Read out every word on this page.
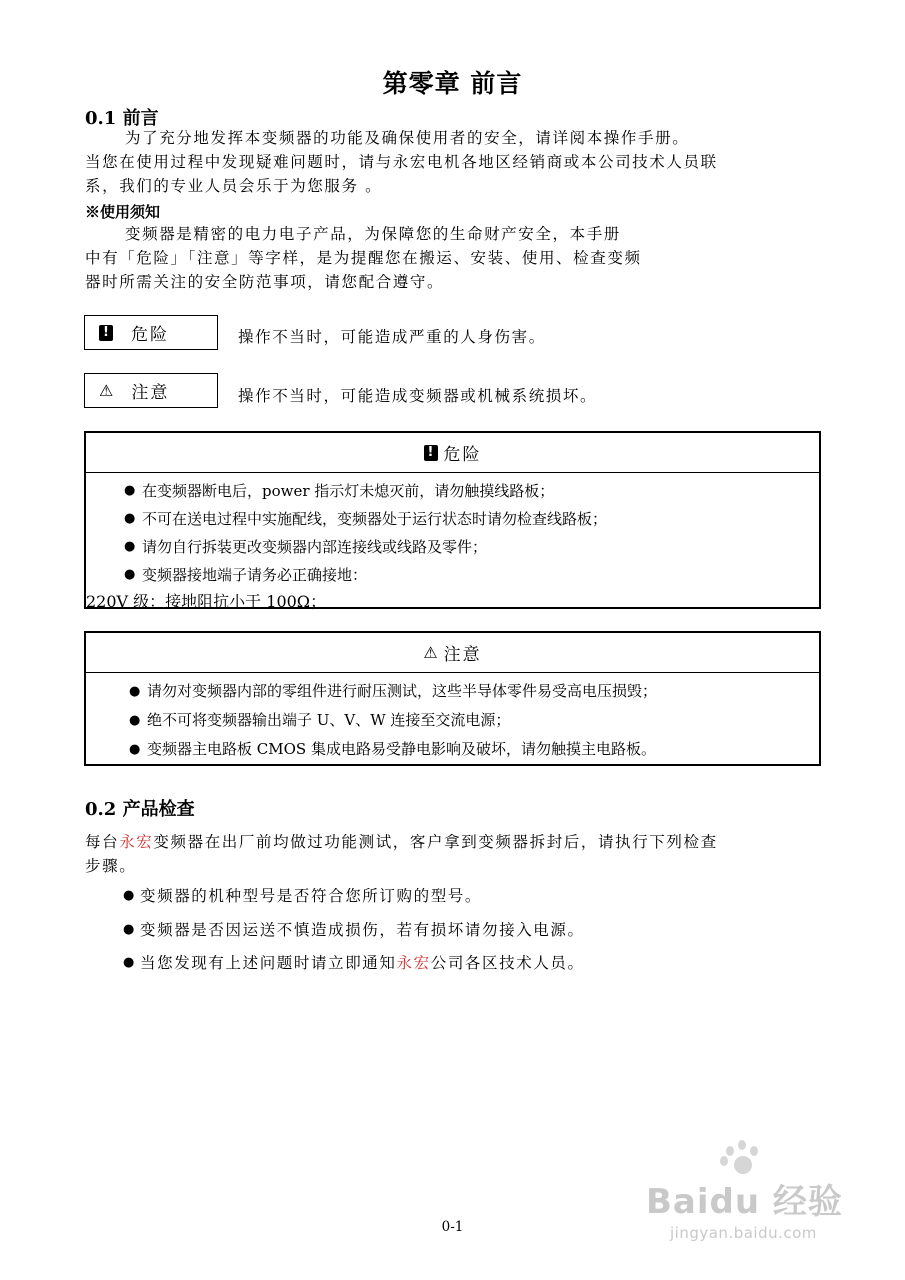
第零章 前言
0.1 前言
为了充分地发挥本变频器的功能及确保使用者的安全，请详阅本操作手册。
当您在使用过程中发现疑难问题时，请与永宏电机各地区经销商或本公司技术人员联
系，我们的专业人员会乐于为您服务 。
※使用须知
变频器是精密的电力电子产品，为保障您的生命财产安全，本手册
中有「危险」「注意」等字样，是为提醒您在搬运、安装、使用、检查变频
器时所需关注的安全防范事项，请您配合遵守。
! 危险	操作不当时，可能造成严重的人身伤害。
⚠ 注意	操作不当时，可能造成变频器或机械系统损坏。
! 危险
● 在变频器断电后，power 指示灯未熄灭前，请勿触摸线路板；
● 不可在送电过程中实施配线，变频器处于运行状态时请勿检查线路板；
● 请勿自行拆装更改变频器内部连接线或线路及零件；
● 变频器接地端子请务必正确接地：
220V 级：接地阻抗小于 100Ω；
⚠ 注意
● 请勿对变频器内部的零组件进行耐压测试，这些半导体零件易受高电压损毁；
● 绝不可将变频器输出端子 U、V、W 连接至交流电源；
● 变频器主电路板 CMOS 集成电路易受静电影响及破坏，请勿触摸主电路板。
0.2 产品检查
每台永宏变频器在出厂前均做过功能测试，客户拿到变频器拆封后，请执行下列检查
步骤。
● 变频器的机种型号是否符合您所订购的型号。
● 变频器是否因运送不慎造成损伤，若有损坏请勿接入电源。
● 当您发现有上述问题时请立即通知永宏公司各区技术人员。
Baidu 经验
jingyan.baidu.com
0-1
